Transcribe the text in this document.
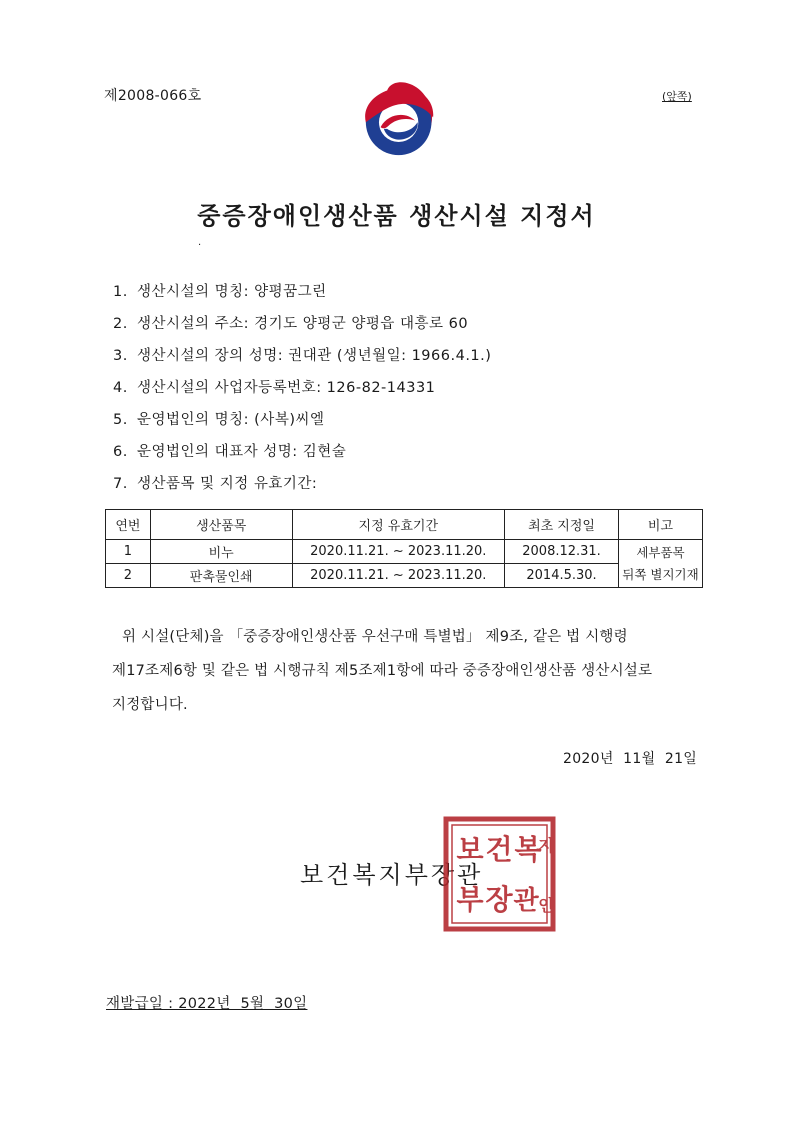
제2008-066호	(앞쪽)
중증장애인생산품 생산시설 지정서
·
1. 생산시설의 명칭: 양평꿈그린
2. 생산시설의 주소: 경기도 양평군 양평읍 대흥로 60
3. 생산시설의 장의 성명: 권대관 (생년월일: 1966.4.1.)
4. 생산시설의 사업자등록번호: 126-82-14331
5. 운영법인의 명칭: (사복)씨엘
6. 운영법인의 대표자 성명: 김현술
7. 생산품목 및 지정 유효기간:
연번	생산품목	지정 유효기간	최초 지정일	비고
1	비누	2020.11.21. ~ 2023.11.20.	2008.12.31.	세부품목
뒤쪽 별지기재

2	판촉물인쇄	2020.11.21. ~ 2023.11.20.	2014.5.30.	

위 시설(단체)을 「중증장애인생산품 우선구매 특별법」 제9조, 같은 법 시행령

제17조제6항 및 같은 법 시행규칙 제5조제1항에 따라 중증장애인생산품 생산시설로

지정합니다.

2020년  11월  21일
보건복지부장관
보 건 복
지
부 장 관 인
재발급일 : 2022년  5월  30일
